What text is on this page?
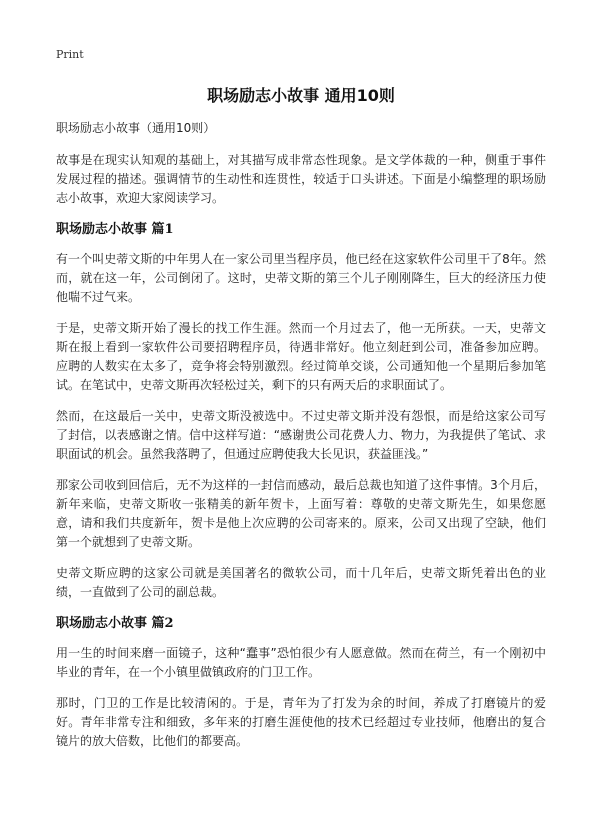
Print
职场励志小故事 通用10则

职场励志小故事（通用10则）

故事是在现实认知观的基础上，对其描写成非常态性现象。是文学体裁的一种，侧重于事件发展过程的描述。强调情节的生动性和连贯性，较适于口头讲述。下面是小编整理的职场励志小故事，欢迎大家阅读学习。

职场励志小故事 篇1

有一个叫史蒂文斯的中年男人在一家公司里当程序员，他已经在这家软件公司里干了8年。然而，就在这一年，公司倒闭了。这时，史蒂文斯的第三个儿子刚刚降生，巨大的经济压力使他喘不过气来。

于是，史蒂文斯开始了漫长的找工作生涯。然而一个月过去了，他一无所获。一天，史蒂文斯在报上看到一家软件公司要招聘程序员，待遇非常好。他立刻赶到公司，准备参加应聘。应聘的人数实在太多了，竞争将会特别激烈。经过简单交谈，公司通知他一个星期后参加笔试。在笔试中，史蒂文斯再次轻松过关，剩下的只有两天后的求职面试了。

然而，在这最后一关中，史蒂文斯没被选中。不过史蒂文斯并没有怨恨，而是给这家公司写了封信，以表感谢之情。信中这样写道：“感谢贵公司花费人力、物力，为我提供了笔试、求职面试的机会。虽然我落聘了，但通过应聘使我大长见识，获益匪浅。”

那家公司收到回信后，无不为这样的一封信而感动，最后总裁也知道了这件事情。3个月后，新年来临，史蒂文斯收一张精美的新年贺卡，上面写着：尊敬的史蒂文斯先生，如果您愿意，请和我们共度新年，贺卡是他上次应聘的公司寄来的。原来，公司又出现了空缺，他们第一个就想到了史蒂文斯。

史蒂文斯应聘的这家公司就是美国著名的微软公司，而十几年后，史蒂文斯凭着出色的业绩，一直做到了公司的副总裁。

职场励志小故事 篇2

用一生的时间来磨一面镜子，这种“蠢事”恐怕很少有人愿意做。然而在荷兰，有一个刚初中毕业的青年，在一个小镇里做镇政府的门卫工作。

那时，门卫的工作是比较清闲的。于是，青年为了打发为余的时间，养成了打磨镜片的爱好。青年非常专注和细致，多年来的打磨生涯使他的技术已经超过专业技师，他磨出的复合镜片的放大倍数，比他们的都要高。
